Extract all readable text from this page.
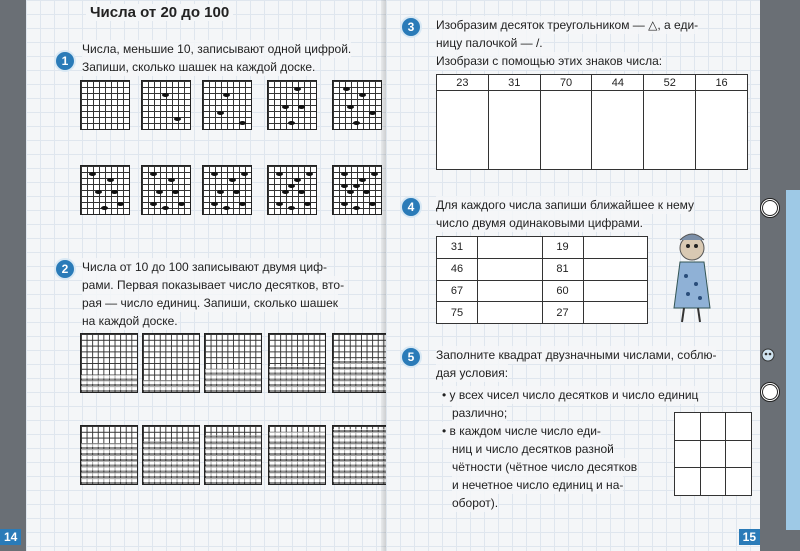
Числа от 20 до 100
1
Числа, меньшие 10, записывают одной цифрой.
Запиши, сколько шашек на каждой доске.
2	Числа от 10 до 100 записывают двумя циф-
рами. Первая показывает число десятков, вто-
рая — число единиц. Запиши, сколько шашек
на каждой доске.
14
3	Изобразим десяток треугольником — △, а еди-
ницу палочкой — /.
Изобрази с помощью этих знаков числа:
23	31	70	44	52	16

4	Для каждого числа запиши ближайшее к нему
число двумя одинаковыми цифрами.
31		19	
46		81	
67		60	
75		27	
5	Заполните квадрат двузначными числами, соблю-
дая условия:
• у всех чисел число десятков и число единиц
различно;
• в каждом числе число еди-
ниц и число десятков разной
чётности (чётное число десятков
и нечетное число единиц и на-
оборот).

15
